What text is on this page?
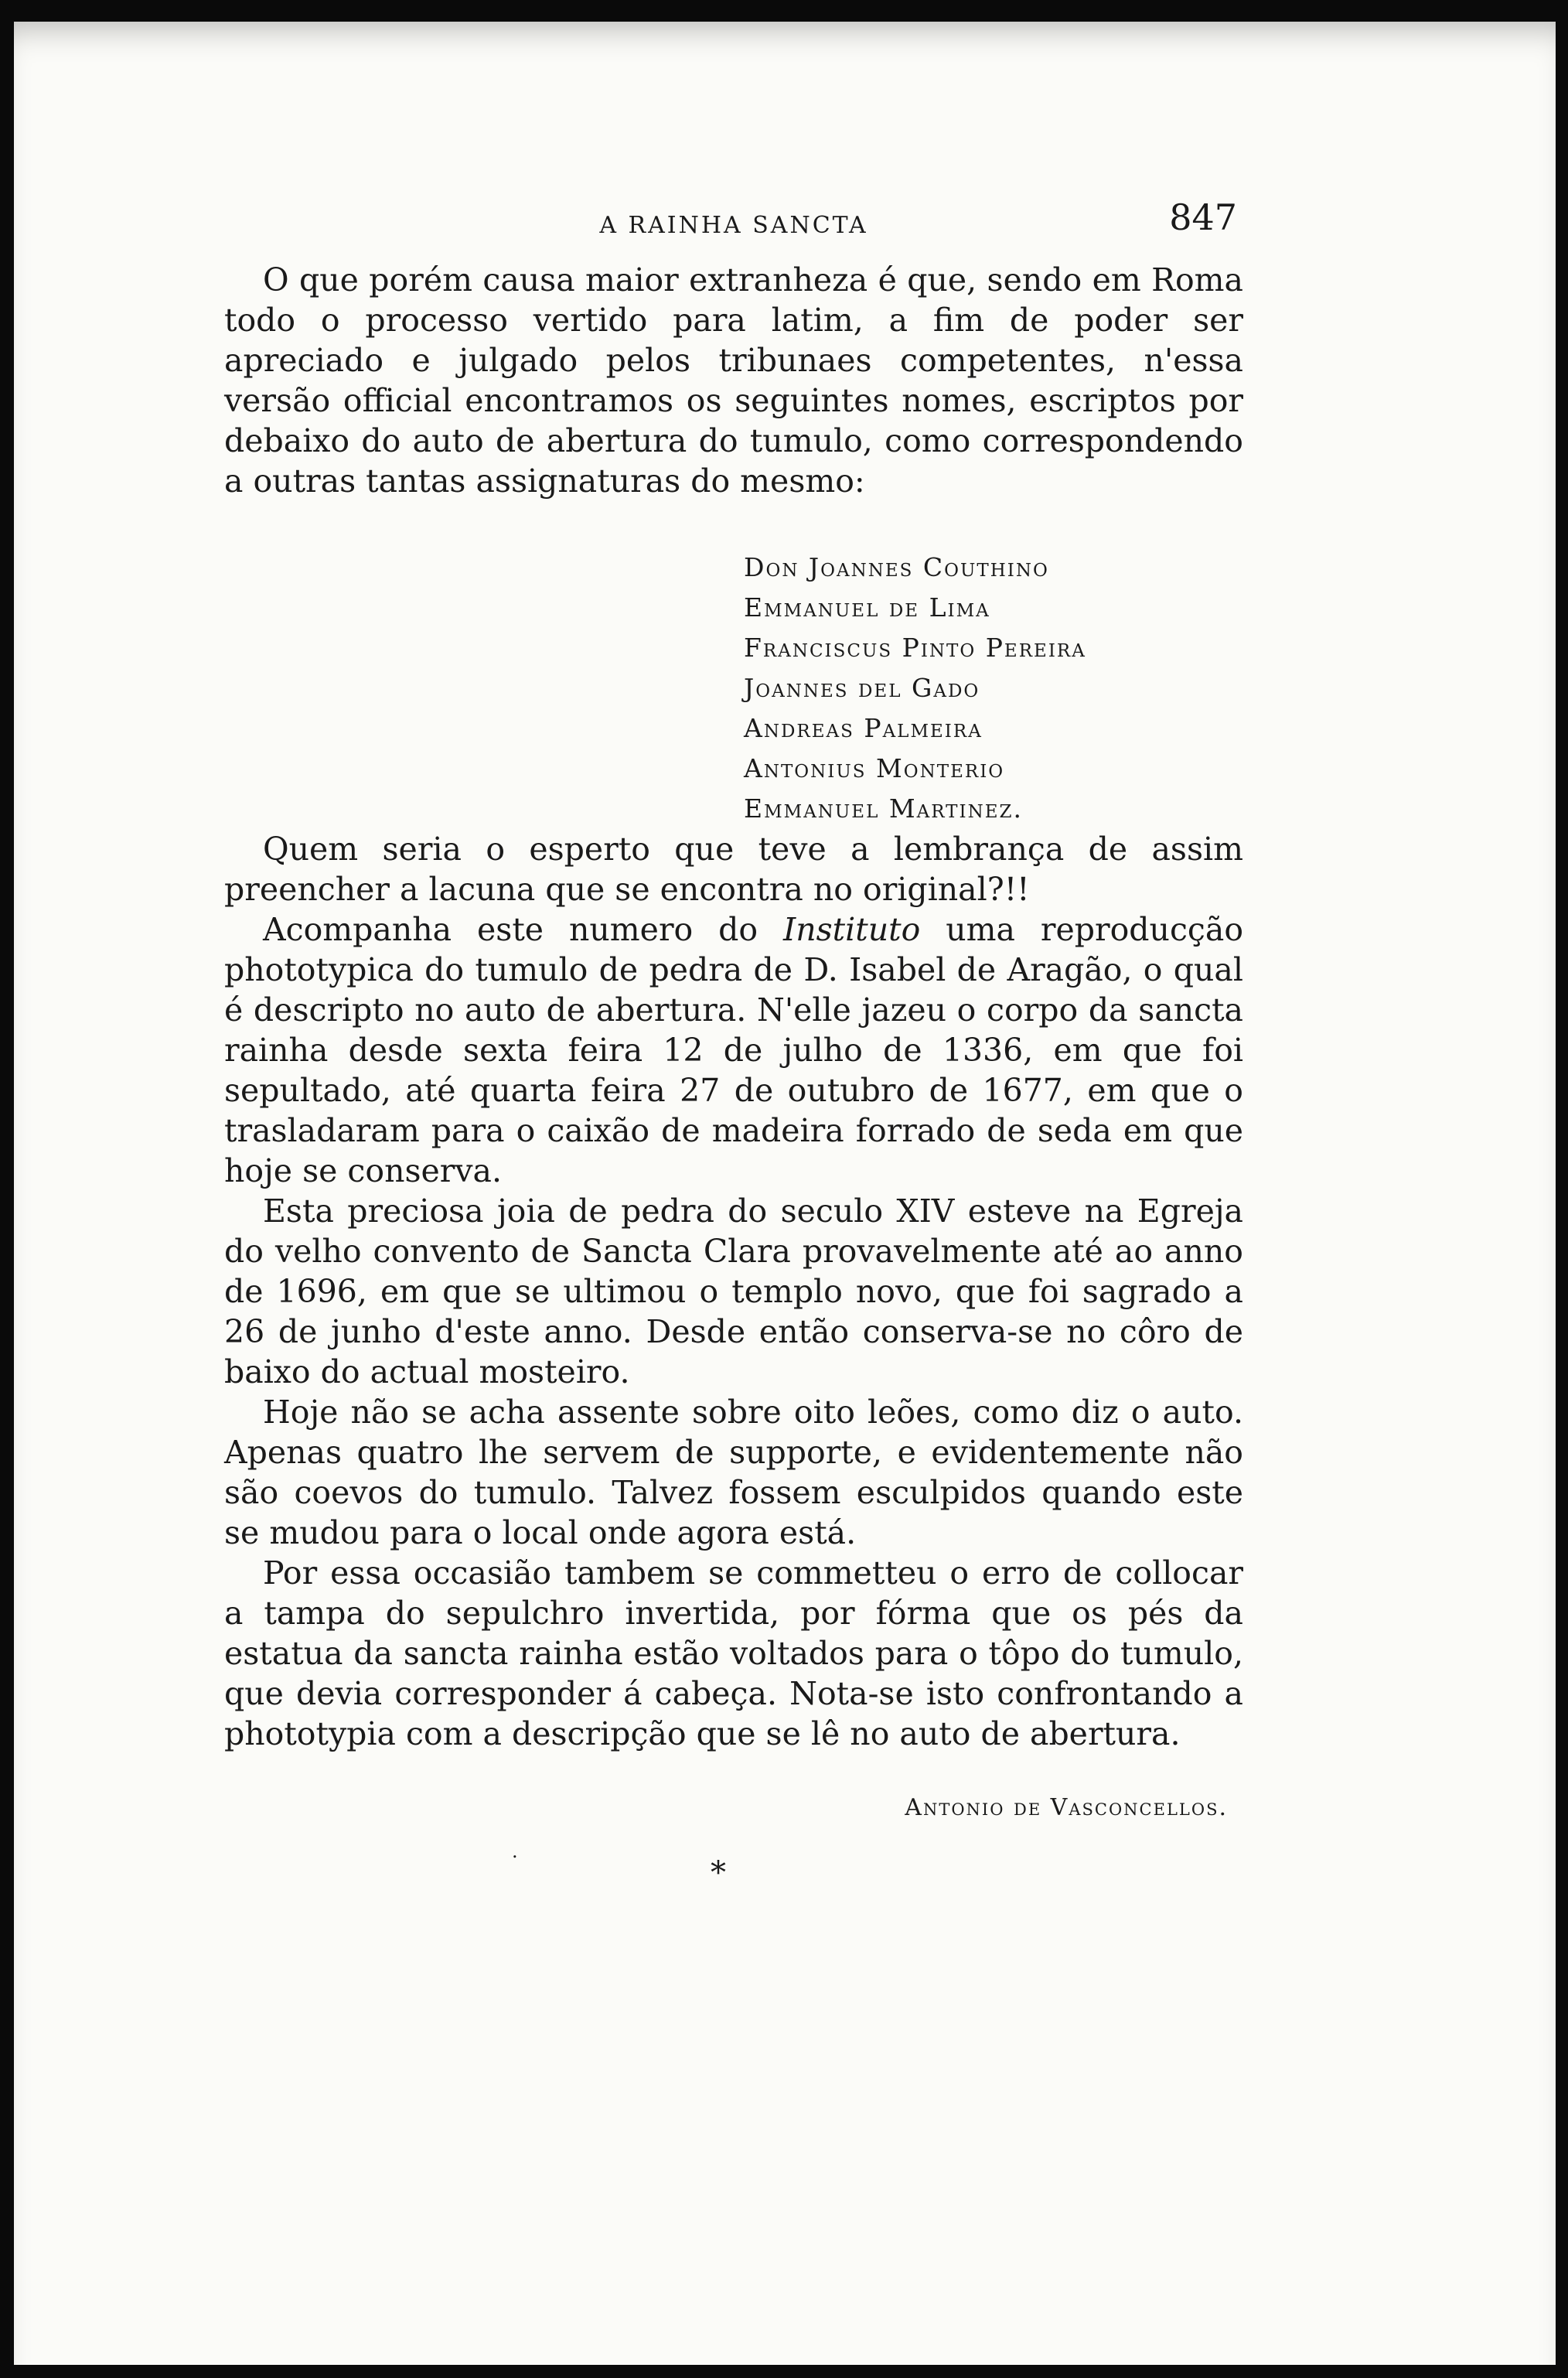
A RAINHA SANCTA	847

O que porém causa maior extranheza é que, sendo em Roma todo o processo vertido para latim, a fim de poder ser apreciado e julgado pelos tribunaes competentes, n'essa versão official encontramos os seguintes nomes, escriptos por debaixo do auto de abertura do tumulo, como correspondendo a outras tantas assignaturas do mesmo:

Don Joannes Couthino
Emmanuel de Lima
Franciscus Pinto Pereira
Joannes del Gado
Andreas Palmeira
Antonius Monterio
Emmanuel Martinez.

Quem seria o esperto que teve a lembrança de assim preencher a lacuna que se encontra no original?!!

Acompanha este numero do Instituto uma reproducção phototypica do tumulo de pedra de D. Isabel de Aragão, o qual é descripto no auto de abertura. N'elle jazeu o corpo da sancta rainha desde sexta feira 12 de julho de 1336, em que foi sepultado, até quarta feira 27 de outubro de 1677, em que o trasladaram para o caixão de madeira forrado de seda em que hoje se conserva.

Esta preciosa joia de pedra do seculo XIV esteve na Egreja do velho convento de Sancta Clara provavelmente até ao anno de 1696, em que se ultimou o templo novo, que foi sagrado a 26 de junho d'este anno. Desde então conserva-se no côro de baixo do actual mosteiro.

Hoje não se acha assente sobre oito leões, como diz o auto. Apenas quatro lhe servem de supporte, e evidentemente não são coevos do tumulo. Talvez fossem esculpidos quando este se mudou para o local onde agora está.

Por essa occasião tambem se commetteu o erro de collocar a tampa do sepulchro invertida, por fórma que os pés da estatua da sancta rainha estão voltados para o tôpo do tumulo, que devia corresponder á cabeça. Nota-se isto confrontando a phototypia com a descripção que se lê no auto de abertura.

.
Antonio de Vasconcellos.
*
